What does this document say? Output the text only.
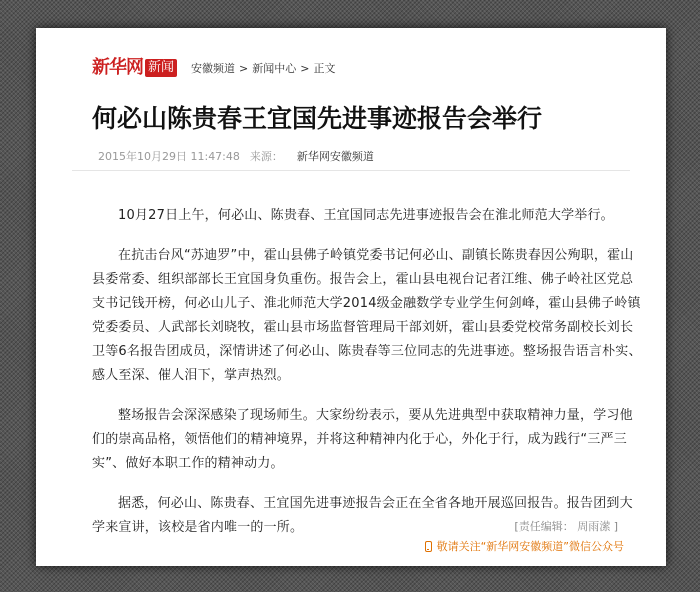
新华网 新闻 安徽频道 > 新闻中心 > 正文
何必山陈贵春王宜国先进事迹报告会举行
2015年10月29日 11:47:48 来源： 新华网安徽频道

10月27日上午，何必山、陈贵春、王宜国同志先进事迹报告会在淮北师范大学举行。

在抗击台风“苏迪罗”中，霍山县佛子岭镇党委书记何必山、副镇长陈贵春因公殉职，霍山县委常委、组织部部长王宜国身负重伤。报告会上，霍山县电视台记者江维、佛子岭社区党总支书记钱开榜，何必山儿子、淮北师范大学2014级金融数学专业学生何剑峰，霍山县佛子岭镇党委委员、人武部长刘晓牧，霍山县市场监督管理局干部刘妍，霍山县委党校常务副校长刘长卫等6名报告团成员，深情讲述了何必山、陈贵春等三位同志的先进事迹。整场报告语言朴实、感人至深、催人泪下，掌声热烈。

整场报告会深深感染了现场师生。大家纷纷表示，要从先进典型中获取精神力量，学习他们的崇高品格，领悟他们的精神境界，并将这种精神内化于心，外化于行，成为践行“三严三实”、做好本职工作的精神动力。

据悉，何必山、陈贵春、王宜国先进事迹报告会正在全省各地开展巡回报告。报告团到大学来宣讲，该校是省内唯一的一所。	[责任编辑： 周雨潆 ]
敬请关注“新华网安徽频道”微信公众号
